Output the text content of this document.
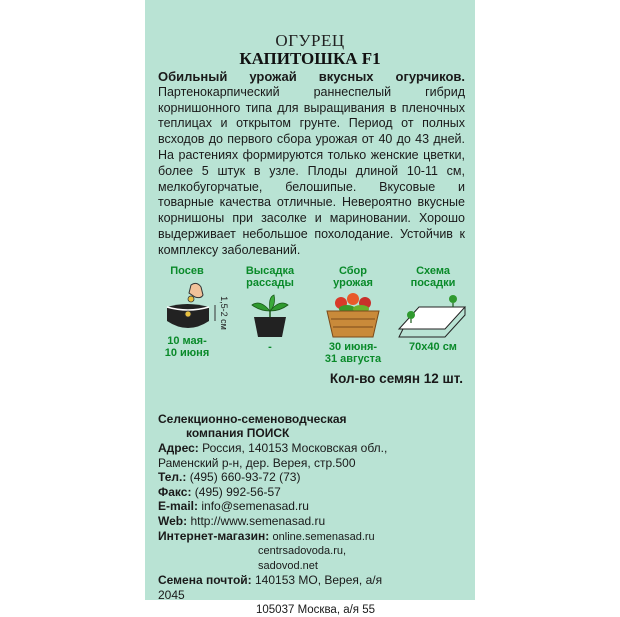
ОГУРЕЦ
КАПИТОШКА F1
Обильный урожай вкусных огурчиков.
Партенокарпический раннеспелый гибрид корнишонного типа для выращивания в пленочных теплицах и открытом грунте. Период от полных всходов до первого сбора урожая от 40 до 43 дней. На растениях формируются только женские цветки, более 5 штук в узле. Плоды длиной 10-11 см, мелкобугорчатые, белошипые. Вкусовые и товарные качества отличные. Невероятно вкусные корнишоны при засолке и мариновании. Хорошо выдерживает небольшое похолодание. Устойчив к комплексу заболеваний.
Посев
1,5-2 см
10 мая-
10 июня
Высадка
рассады
-
Сбор
урожая
30 июня-
31 августа
Схема
посадки
70х40 см
Кол-во семян 12 шт.
Селекционно-семеноводческая
компания ПОИСК
Адрес: Россия, 140153 Московская обл.,
Раменский р-н, дер. Верея, стр.500
Тел.: (495) 660-93-72 (73)
Факс: (495) 992-56-57
E-mail: info@semenasad.ru
Web: http://www.semenasad.ru
Интернет-магазин: online.semenasad.ru
centrsadovoda.ru, sadovod.net
Семена почтой: 140153 МО, Верея, а/я 2045
105037 Москва, а/я 55
